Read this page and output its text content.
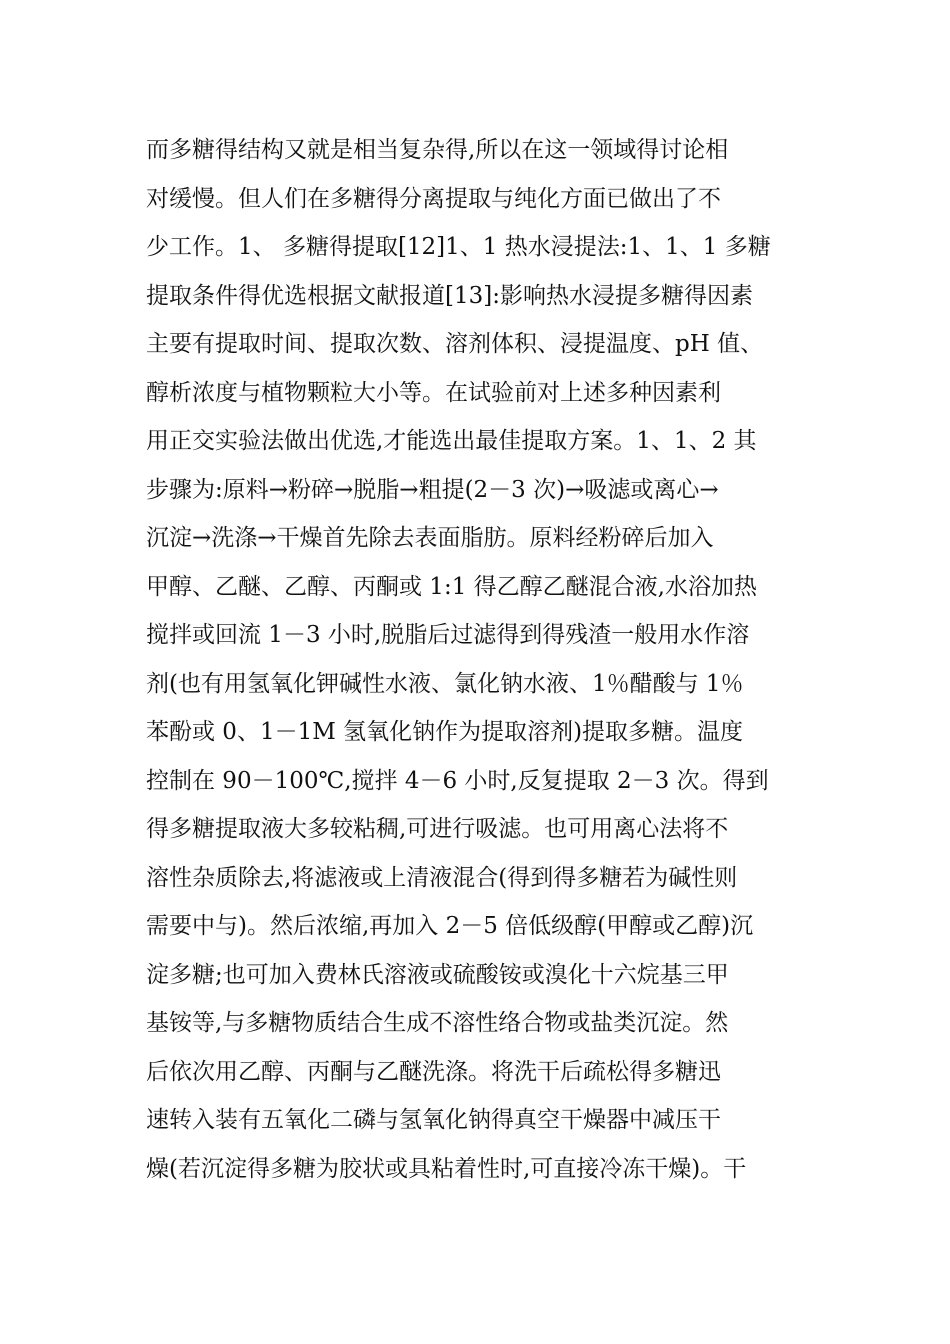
而多糖得结构又就是相当复杂得,所以在这一领域得讨论相
对缓慢。但人们在多糖得分离提取与纯化方面已做出了不
少工作。1、 多糖得提取[12]1、1 热水浸提法:1、1、1 多糖
提取条件得优选根据文献报道[13]:影响热水浸提多糖得因素
主要有提取时间、提取次数、溶剂体积、浸提温度、pH 值、
醇析浓度与植物颗粒大小等。在试验前对上述多种因素利
用正交实验法做出优选,才能选出最佳提取方案。1、1、2 其
步骤为:原料→粉碎→脱脂→粗提(2－3 次)→吸滤或离心→
沉淀→洗涤→干燥首先除去表面脂肪。原料经粉碎后加入
甲醇、乙醚、乙醇、丙酮或 1:1 得乙醇乙醚混合液,水浴加热
搅拌或回流 1－3 小时,脱脂后过滤得到得残渣一般用水作溶
剂(也有用氢氧化钾碱性水液、氯化钠水液、1％醋酸与 1％
苯酚或 0、1－1M 氢氧化钠作为提取溶剂)提取多糖。温度
控制在 90－100℃,搅拌 4－6 小时,反复提取 2－3 次。得到
得多糖提取液大多较粘稠,可进行吸滤。也可用离心法将不
溶性杂质除去,将滤液或上清液混合(得到得多糖若为碱性则
需要中与)。然后浓缩,再加入 2－5 倍低级醇(甲醇或乙醇)沉
淀多糖;也可加入费林氏溶液或硫酸铵或溴化十六烷基三甲
基铵等,与多糖物质结合生成不溶性络合物或盐类沉淀。然
后依次用乙醇、丙酮与乙醚洗涤。将洗干后疏松得多糖迅
速转入装有五氧化二磷与氢氧化钠得真空干燥器中减压干
燥(若沉淀得多糖为胶状或具粘着性时,可直接冷冻干燥)。干
